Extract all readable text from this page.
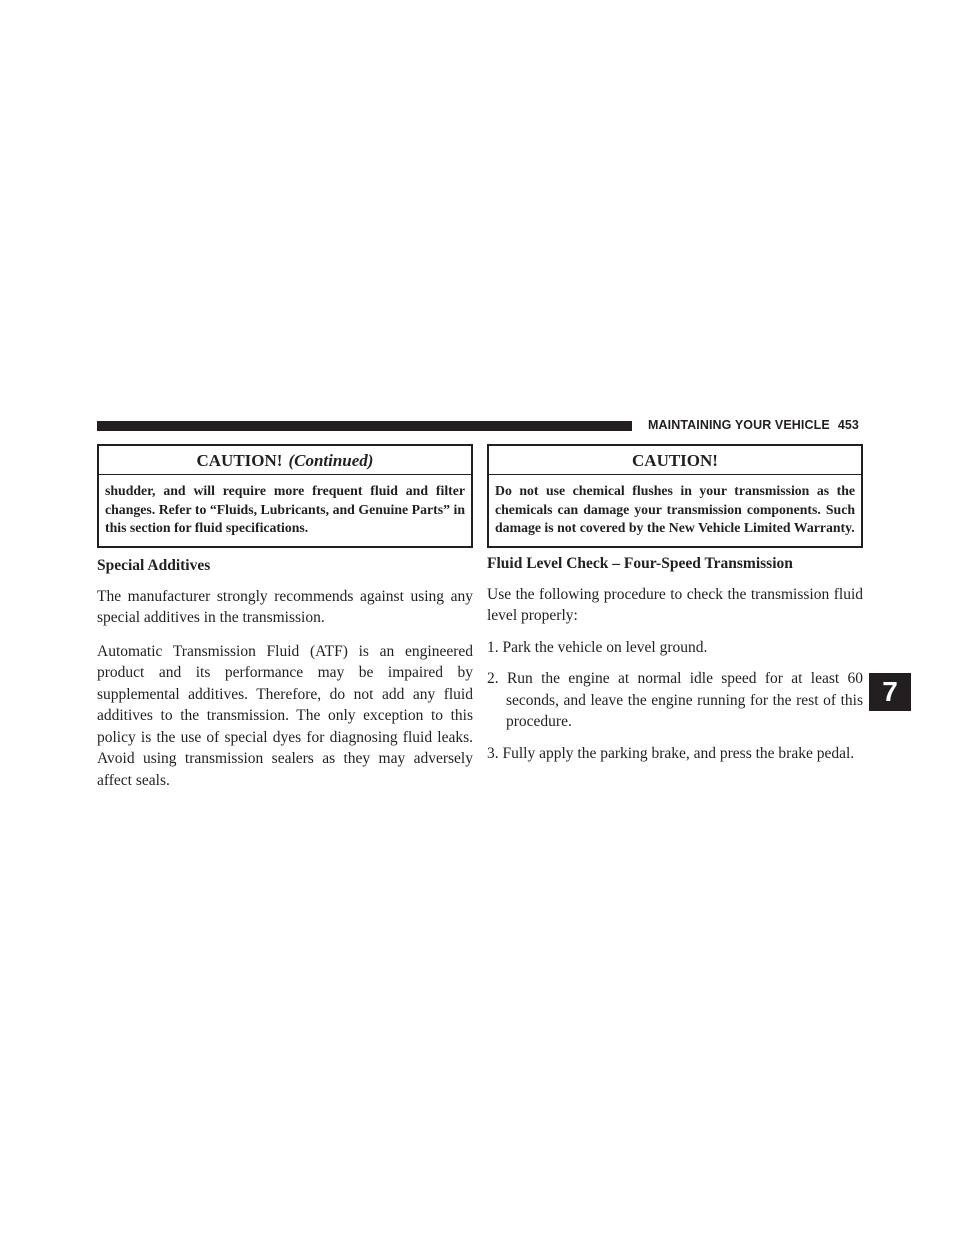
MAINTAINING YOUR VEHICLE 453
7
CAUTION! (Continued)
shudder, and will require more frequent fluid and filter changes. Refer to “Fluids, Lubricants, and Genuine Parts” in this section for fluid specifications.
Special Additives

The manufacturer strongly recommends against using any special additives in the transmission.

Automatic Transmission Fluid (ATF) is an engineered product and its performance may be impaired by supplemental additives. Therefore, do not add any fluid additives to the transmission. The only exception to this policy is the use of special dyes for diagnosing fluid leaks. Avoid using transmission sealers as they may adversely affect seals.

CAUTION!
Do not use chemical flushes in your transmission as the chemicals can damage your transmission components. Such damage is not covered by the New Vehicle Limited Warranty.
Fluid Level Check – Four-Speed Transmission

Use the following procedure to check the transmission fluid level properly:

1. Park the vehicle on level ground.

2. Run the engine at normal idle speed for at least 60 seconds, and leave the engine running for the rest of this procedure.

3. Fully apply the parking brake, and press the brake pedal.
